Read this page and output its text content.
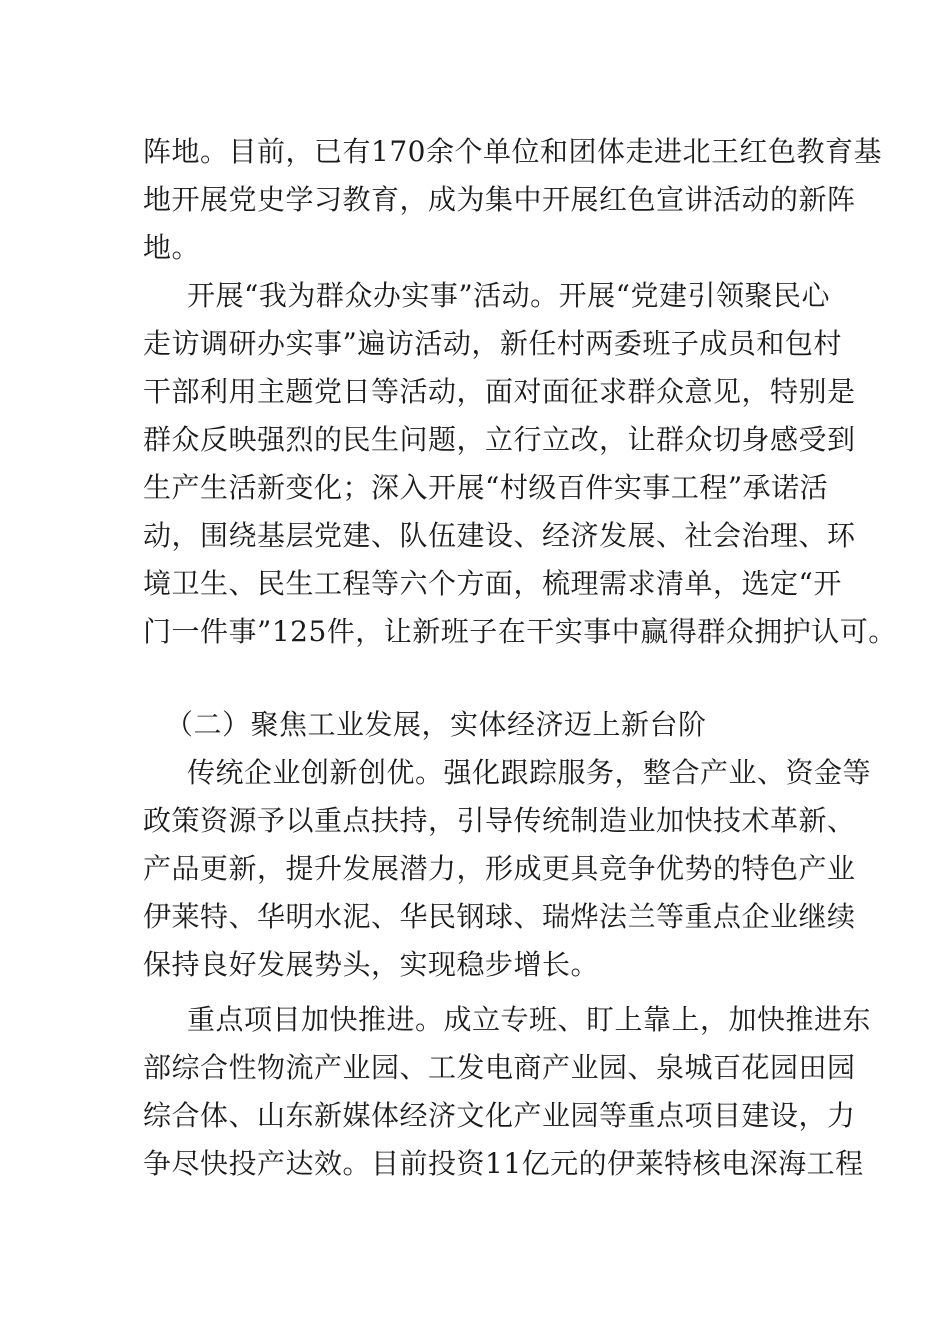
阵地。目前，已有170余个单位和团体走进北王红色教育基
地开展党史学习教育，成为集中开展红色宣讲活动的新阵
地。
开展“我为群众办实事”活动。开展“党建引领聚民心
走访调研办实事”遍访活动，新任村两委班子成员和包村
干部利用主题党日等活动，面对面征求群众意见，特别是
群众反映强烈的民生问题，立行立改，让群众切身感受到
生产生活新变化；深入开展“村级百件实事工程”承诺活
动，围绕基层党建、队伍建设、经济发展、社会治理、环
境卫生、民生工程等六个方面，梳理需求清单，选定“开
门一件事”125件，让新班子在干实事中赢得群众拥护认可。
（二）聚焦工业发展，实体经济迈上新台阶
传统企业创新创优。强化跟踪服务，整合产业、资金等
政策资源予以重点扶持，引导传统制造业加快技术革新、
产品更新，提升发展潜力，形成更具竞争优势的特色产业
伊莱特、华明水泥、华民钢球、瑞烨法兰等重点企业继续
保持良好发展势头，实现稳步增长。
重点项目加快推进。成立专班、盯上靠上，加快推进东
部综合性物流产业园、工发电商产业园、泉城百花园田园
综合体、山东新媒体经济文化产业园等重点项目建设，力
争尽快投产达效。目前投资11亿元的伊莱特核电深海工程
